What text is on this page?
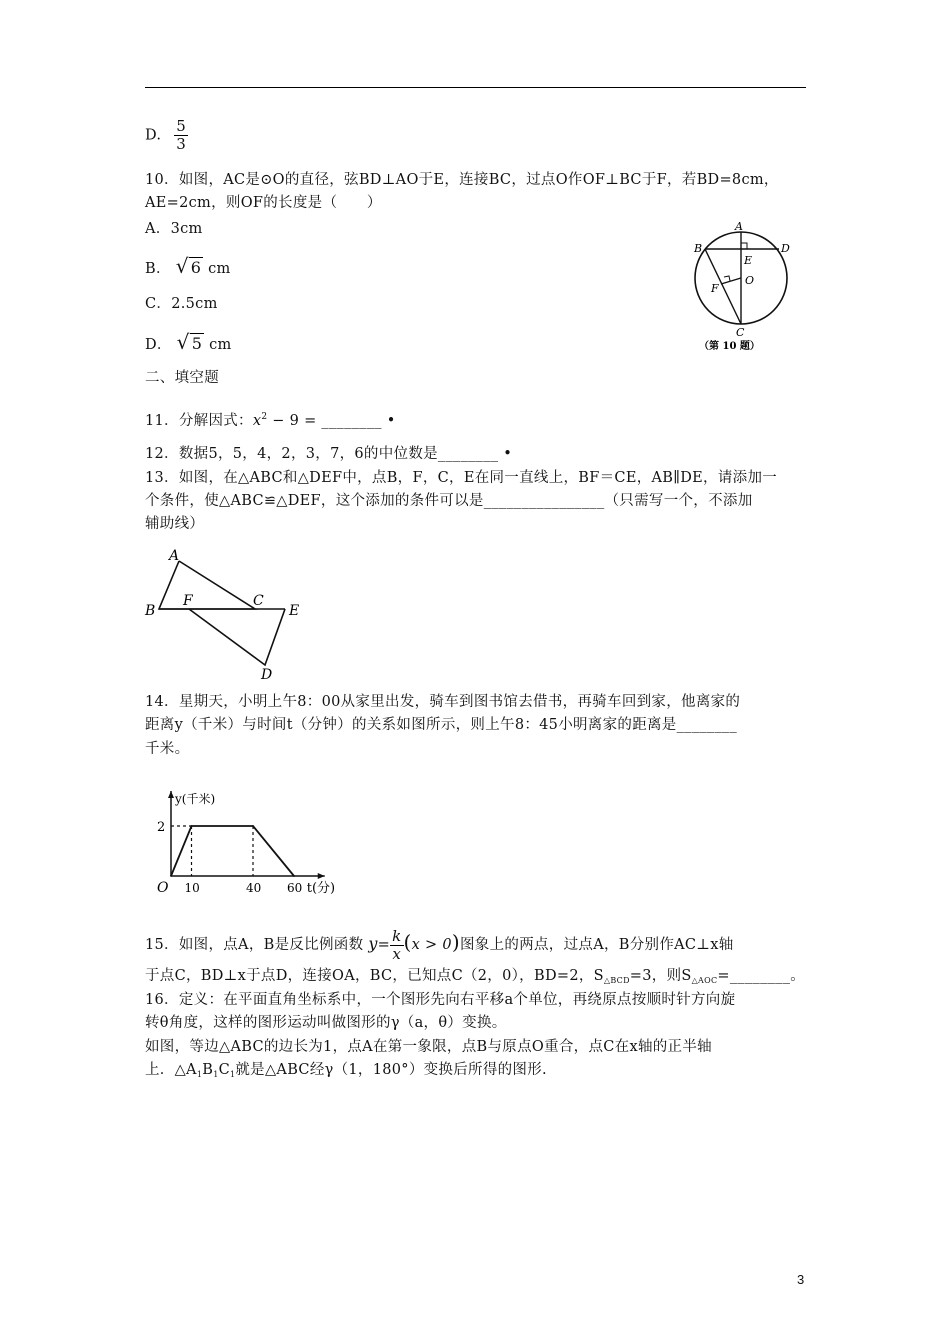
D. $\frac{5}{3}$
10．如图，AC是⊙O的直径，弦BD⊥AO于E，连接BC，过点O作OF⊥BC于F，若BD=8cm，
AE=2cm，则OF的长度是（　　）
A．3cm
B． √ 6 cm
C．2.5cm
D． √ 5 cm
A
B	D
E
O
F
C
（第 10 题）
二、填空题
11．分解因式：$x^2 - 9$ = ________ •
12．数据5，5，4，2，3，7，6的中位数是________ •
13．如图，在△ABC和△DEF中，点B，F，C，E在同一直线上，BF＝CE，AB∥DE，请添加一
个条件，使△ABC≌△DEF，这个添加的条件可以是________________（只需写一个，不添加
辅助线）
A
B
F	C
E
D
14．星期天，小明上午8：00从家里出发，骑车到图书馆去借书，再骑车回到家，他离家的
距离y（千米）与时间t（分钟）的关系如图所示，则上午8：45小明离家的距离是________
千米。
10	40 60
2
O	t(分)
y(千米)
15．如图，点A，B是反比例函数 $y= \frac{k}{x} (x > 0)$图象上的两点，过点A，B分别作AC⊥x轴
于点C，BD⊥x于点D，连接OA，BC，已知点C（2，0），BD=2，$S_{\triangle BCD}=3$，则$S_{\triangle AOC}=\_\_\_\_\_\_\_\_$。
16．定义：在平面直角坐标系中，一个图形先向右平移a个单位，再绕原点按顺时针方向旋
转θ角度，这样的图形运动叫做图形的γ（a，θ）变换。
如图，等边△ABC的边长为1，点A在第一象限，点B与原点O重合，点C在x轴的正半轴
上．$\triangle A_1B_1C_1$就是△ABC经γ（1，180°）变换后所得的图形.
3
